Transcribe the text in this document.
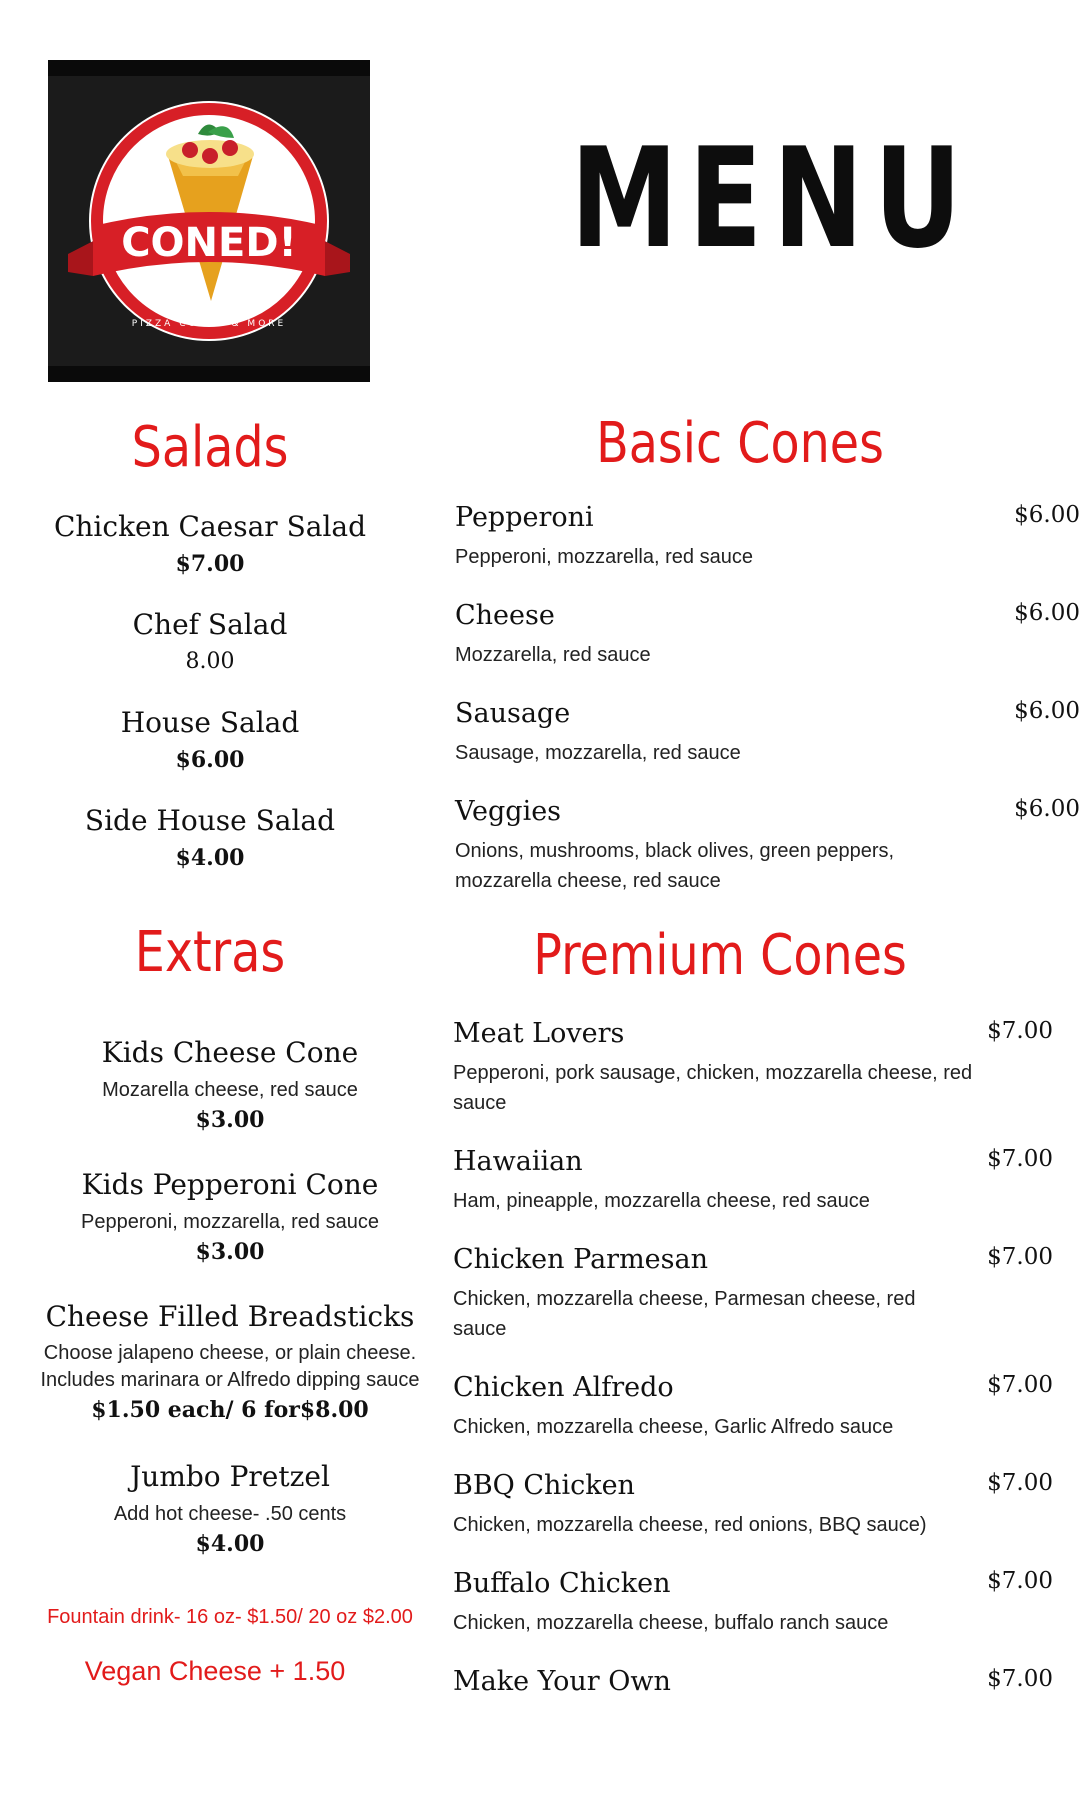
CONED!
PIZZA CONES & MORE
MENU
Salads	Basic Cones
Extras	Premium Cones
Chicken Caesar Salad
$7.00
Chef Salad
8.00
House Salad
$6.00
Side House Salad
$4.00
Kids Cheese Cone
Mozarella cheese, red sauce
$3.00
Kids Pepperoni Cone
Pepperoni, mozzarella, red sauce
$3.00
Cheese Filled Breadsticks
Choose jalapeno cheese, or plain cheese.
Includes marinara or Alfredo dipping sauce
$1.50 each/ 6 for$8.00
Jumbo Pretzel
Add hot cheese- .50 cents
$4.00
Fountain drink- 16 oz- $1.50/ 20 oz $2.00
Vegan Cheese + 1.50
Pepperoni
Pepperoni, mozzarella, red sauce
$6.00
Cheese
Mozzarella, red sauce
$6.00
Sausage
Sausage, mozzarella, red sauce
$6.00
Veggies
Onions, mushrooms, black olives, green peppers,
mozzarella cheese, red sauce
$6.00
Meat Lovers
Pepperoni, pork sausage, chicken, mozzarella cheese, red
sauce
$7.00
Hawaiian
Ham, pineapple, mozzarella cheese, red sauce
$7.00
Chicken Parmesan
Chicken, mozzarella cheese, Parmesan cheese, red
sauce
$7.00
Chicken Alfredo
Chicken, mozzarella cheese, Garlic Alfredo sauce
$7.00
BBQ Chicken
Chicken, mozzarella cheese, red onions, BBQ sauce)
$7.00
Buffalo Chicken
Chicken, mozzarella cheese, buffalo ranch sauce
$7.00
Make Your Own	$7.00
